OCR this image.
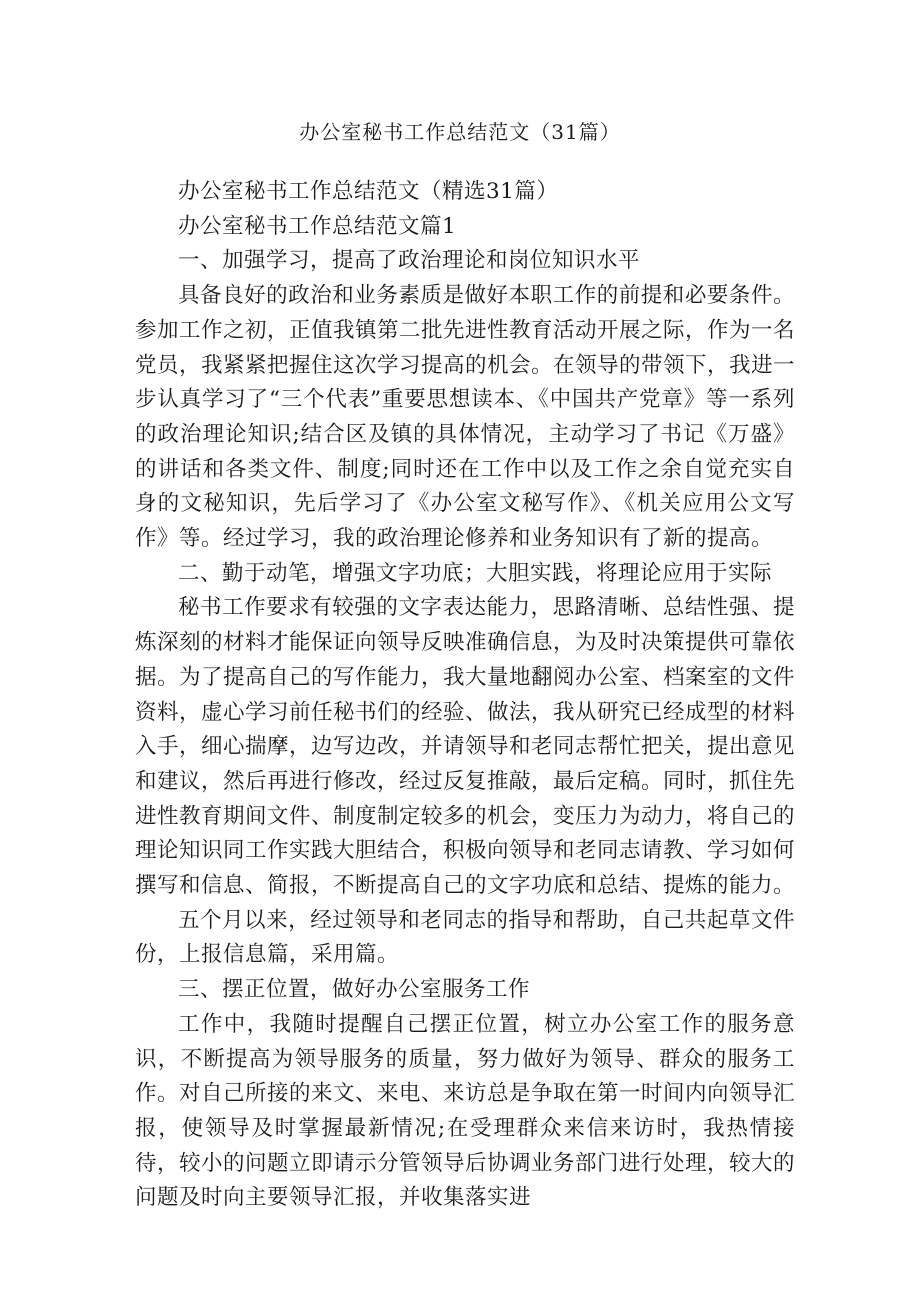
办公室秘书工作总结范文（31篇）

办公室秘书工作总结范文（精选31篇）

办公室秘书工作总结范文篇1

一、加强学习，提高了政治理论和岗位知识水平

具备良好的政治和业务素质是做好本职工作的前提和必要条件。参加工作之初，正值我镇第二批先进性教育活动开展之际，作为一名党员，我紧紧把握住这次学习提高的机会。在领导的带领下，我进一步认真学习了“三个代表”重要思想读本、《中国共产党章》等一系列的政治理论知识;结合区及镇的具体情况，主动学习了书记《万盛》的讲话和各类文件、制度;同时还在工作中以及工作之余自觉充实自身的文秘知识，先后学习了《办公室文秘写作》、《机关应用公文写作》等。经过学习，我的政治理论修养和业务知识有了新的提高。

二、勤于动笔，增强文字功底；大胆实践，将理论应用于实际

秘书工作要求有较强的文字表达能力，思路清晰、总结性强、提炼深刻的材料才能保证向领导反映准确信息，为及时决策提供可靠依据。为了提高自己的写作能力，我大量地翻阅办公室、档案室的文件资料，虚心学习前任秘书们的经验、做法，我从研究已经成型的材料入手，细心揣摩，边写边改，并请领导和老同志帮忙把关，提出意见和建议，然后再进行修改，经过反复推敲，最后定稿。同时，抓住先进性教育期间文件、制度制定较多的机会，变压力为动力，将自己的理论知识同工作实践大胆结合，积极向领导和老同志请教、学习如何撰写和信息、简报，不断提高自己的文字功底和总结、提炼的能力。

五个月以来，经过领导和老同志的指导和帮助，自己共起草文件份，上报信息篇，采用篇。

三、摆正位置，做好办公室服务工作

工作中，我随时提醒自己摆正位置，树立办公室工作的服务意识，不断提高为领导服务的质量，努力做好为领导、群众的服务工作。对自己所接的来文、来电、来访总是争取在第一时间内向领导汇报，使领导及时掌握最新情况;在受理群众来信来访时，我热情接待，较小的问题立即请示分管领导后协调业务部门进行处理，较大的问题及时向主要领导汇报，并收集落实进
